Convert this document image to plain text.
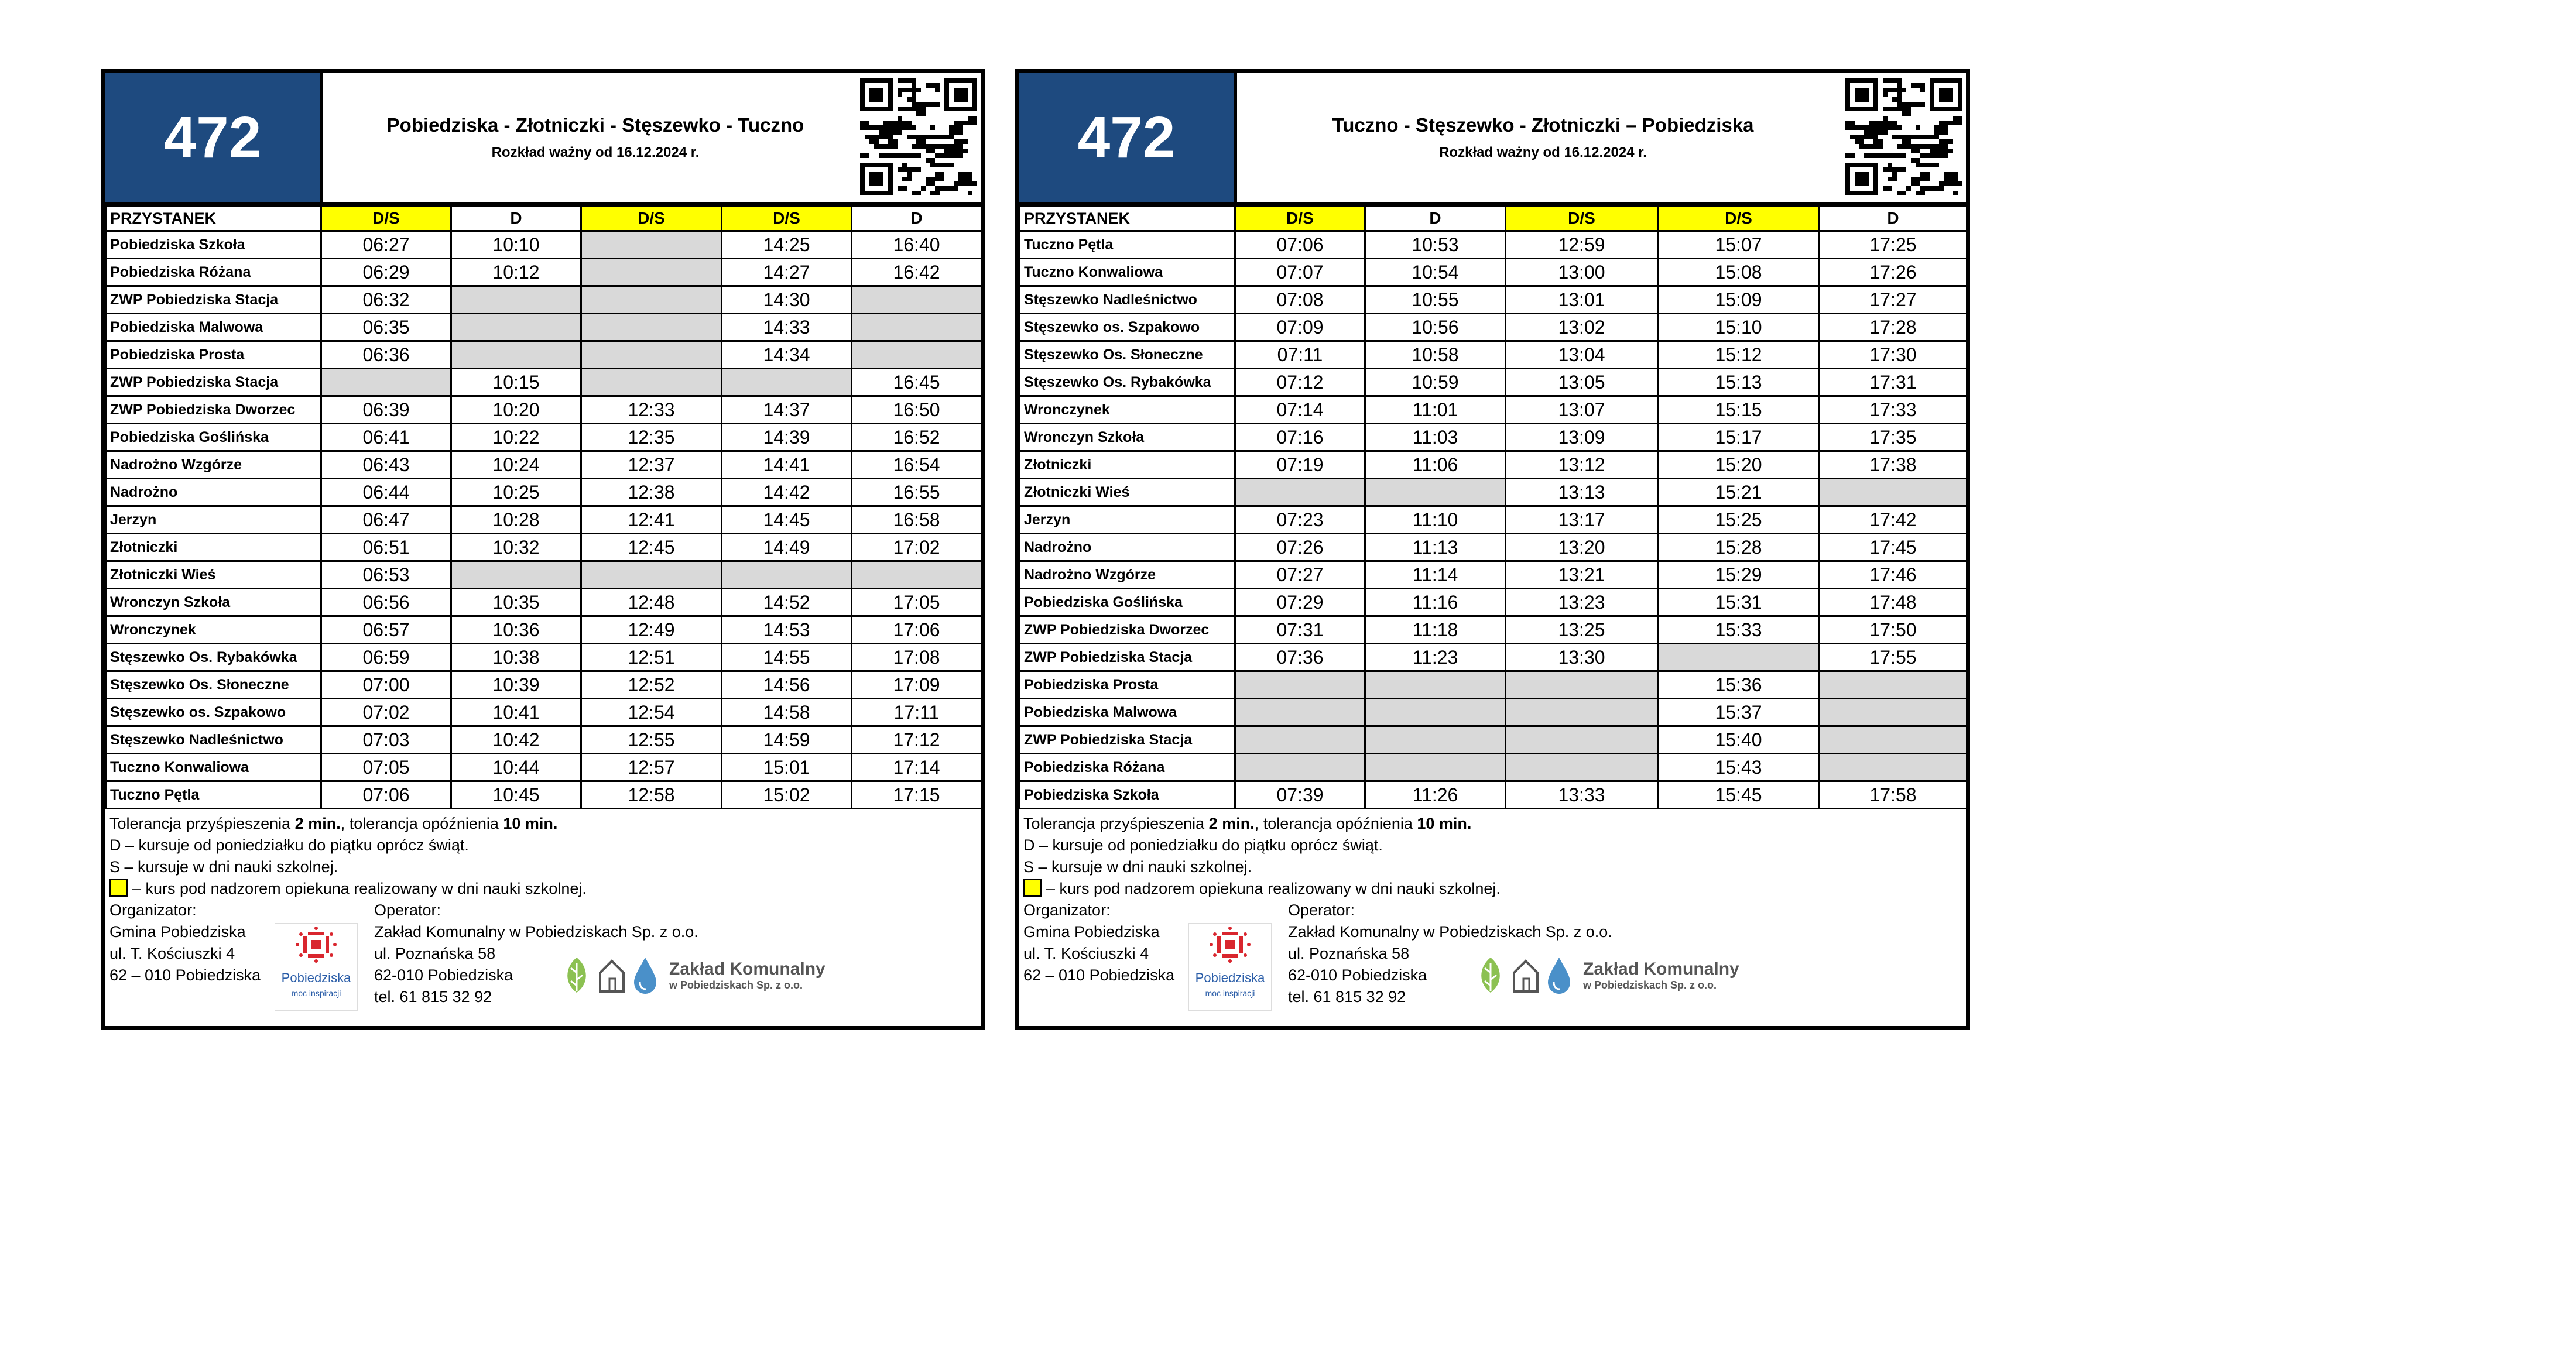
472	Pobiedziska - Złotniczki - Stęszewko - Tuczno
Rozkład ważny od 16.12.2024 r.
PRZYSTANEK	D/S	D	D/S	D/S	D
Pobiedziska Szkoła	06:27	10:10		14:25	16:40
Pobiedziska Różana	06:29	10:12		14:27	16:42
ZWP Pobiedziska Stacja	06:32			14:30	
Pobiedziska Malwowa	06:35			14:33	
Pobiedziska Prosta	06:36			14:34	
ZWP Pobiedziska Stacja		10:15			16:45
ZWP Pobiedziska Dworzec	06:39	10:20	12:33	14:37	16:50
Pobiedziska Goślińska	06:41	10:22	12:35	14:39	16:52
Nadrożno Wzgórze	06:43	10:24	12:37	14:41	16:54
Nadrożno	06:44	10:25	12:38	14:42	16:55
Jerzyn	06:47	10:28	12:41	14:45	16:58
Złotniczki	06:51	10:32	12:45	14:49	17:02
Złotniczki Wieś	06:53				
Wronczyn Szkoła	06:56	10:35	12:48	14:52	17:05
Wronczynek	06:57	10:36	12:49	14:53	17:06
Stęszewko Os. Rybakówka	06:59	10:38	12:51	14:55	17:08
Stęszewko Os. Słoneczne	07:00	10:39	12:52	14:56	17:09
Stęszewko os. Szpakowo	07:02	10:41	12:54	14:58	17:11
Stęszewko Nadleśnictwo	07:03	10:42	12:55	14:59	17:12
Tuczno Konwaliowa	07:05	10:44	12:57	15:01	17:14
Tuczno Pętla	07:06	10:45	12:58	15:02	17:15
Tolerancja przyśpieszenia 2 min., tolerancja opóźnienia 10 min.
D – kursuje od poniedziałku do piątku oprócz świąt.
S – kursuje w dni nauki szkolnej.
– kurs pod nadzorem opiekuna realizowany w dni nauki szkolnej.
Organizator:
Gmina Pobiedziska
ul. T. Kościuszki 4
62 – 010 Pobiedziska Pobiedziska
moc inspiracji
Operator:
Zakład Komunalny w Pobiedziskach Sp. z o.o.
ul. Poznańska 58
62-010 Pobiedziska
tel. 61 815 32 92
Zakład Komunalny
w Pobiedziskach Sp. z o.o.
472	Tuczno - Stęszewko - Złotniczki – Pobiedziska
Rozkład ważny od 16.12.2024 r.
PRZYSTANEK	D/S	D	D/S	D/S	D
Tuczno Pętla	07:06	10:53	12:59	15:07	17:25
Tuczno Konwaliowa	07:07	10:54	13:00	15:08	17:26
Stęszewko Nadleśnictwo	07:08	10:55	13:01	15:09	17:27
Stęszewko os. Szpakowo	07:09	10:56	13:02	15:10	17:28
Stęszewko Os. Słoneczne	07:11	10:58	13:04	15:12	17:30
Stęszewko Os. Rybakówka	07:12	10:59	13:05	15:13	17:31
Wronczynek	07:14	11:01	13:07	15:15	17:33
Wronczyn Szkoła	07:16	11:03	13:09	15:17	17:35
Złotniczki	07:19	11:06	13:12	15:20	17:38
Złotniczki Wieś			13:13	15:21	
Jerzyn	07:23	11:10	13:17	15:25	17:42
Nadrożno	07:26	11:13	13:20	15:28	17:45
Nadrożno Wzgórze	07:27	11:14	13:21	15:29	17:46
Pobiedziska Goślińska	07:29	11:16	13:23	15:31	17:48
ZWP Pobiedziska Dworzec	07:31	11:18	13:25	15:33	17:50
ZWP Pobiedziska Stacja	07:36	11:23	13:30		17:55
Pobiedziska Prosta				15:36	
Pobiedziska Malwowa				15:37	
ZWP Pobiedziska Stacja				15:40	
Pobiedziska Różana				15:43	
Pobiedziska Szkoła	07:39	11:26	13:33	15:45	17:58
Tolerancja przyśpieszenia 2 min., tolerancja opóźnienia 10 min.
D – kursuje od poniedziałku do piątku oprócz świąt.
S – kursuje w dni nauki szkolnej.
– kurs pod nadzorem opiekuna realizowany w dni nauki szkolnej.
Organizator:
Gmina Pobiedziska
ul. T. Kościuszki 4
62 – 010 Pobiedziska Pobiedziska
moc inspiracji
Operator:
Zakład Komunalny w Pobiedziskach Sp. z o.o.
ul. Poznańska 58
62-010 Pobiedziska
tel. 61 815 32 92
Zakład Komunalny
w Pobiedziskach Sp. z o.o.
